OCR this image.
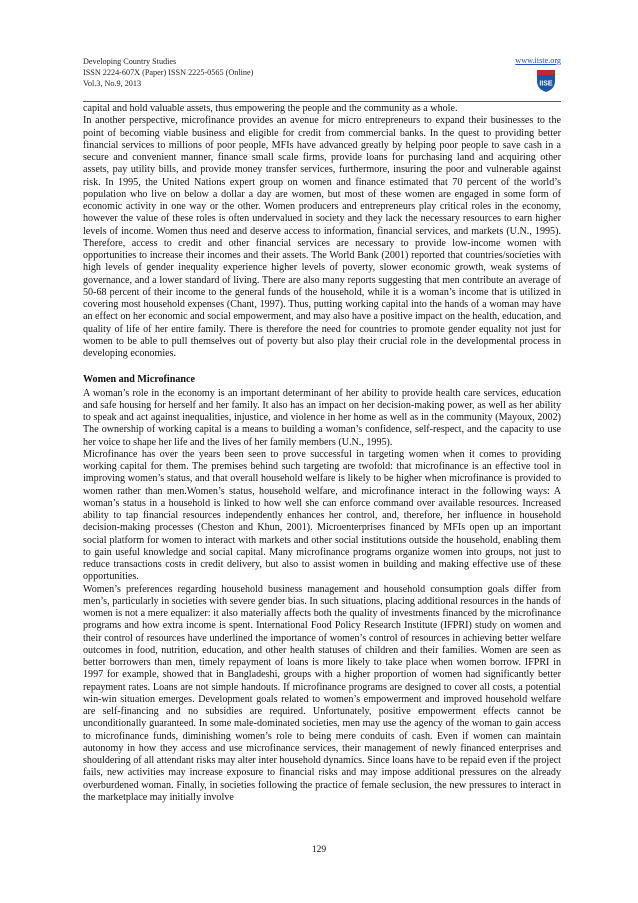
Developing Country Studies
ISSN 2224-607X (Paper) ISSN 2225-0565 (Online)
Vol.3, No.9, 2013
www.iiste.org
IISE

capital and hold valuable assets, thus empowering the people and the community as a whole.

In another perspective, microfinance provides an avenue for micro entrepreneurs to expand their businesses to the point of becoming viable business and eligible for credit from commercial banks. In the quest to providing better financial services to millions of poor people, MFIs have advanced greatly by helping poor people to save cash in a secure and convenient manner, finance small scale firms, provide loans for purchasing land and acquiring other assets, pay utility bills, and provide money transfer services, furthermore, insuring the poor and vulnerable against risk. In 1995, the United Nations expert group on women and finance estimated that 70 percent of the world’s population who live on below a dollar a day are women, but most of these women are engaged in some form of economic activity in one way or the other. Women producers and entrepreneurs play critical roles in the economy, however the value of these roles is often undervalued in society and they lack the necessary resources to earn higher levels of income. Women thus need and deserve access to information, financial services, and markets (U.N., 1995). Therefore, access to credit and other financial services are necessary to provide low-income women with opportunities to increase their incomes and their assets. The World Bank (2001) reported that countries/societies with high levels of gender inequality experience higher levels of poverty, slower economic growth, weak systems of governance, and a lower standard of living. There are also many reports suggesting that men contribute an average of 50-68 percent of their income to the general funds of the household, while it is a woman’s income that is utilized in covering most household expenses (Chant, 1997). Thus, putting working capital into the hands of a woman may have an effect on her economic and social empowerment, and may also have a positive impact on the health, education, and quality of life of her entire family. There is therefore the need for countries to promote gender equality not just for women to be able to pull themselves out of poverty but also play their crucial role in the developmental process in developing economies.

Women and Microfinance

A woman’s role in the economy is an important determinant of her ability to provide health care services, education and safe housing for herself and her family. It also has an impact on her decision-making power, as well as her ability to speak and act against inequalities, injustice, and violence in her home as well as in the community (Mayoux, 2002) The ownership of working capital is a means to building a woman’s confidence, self-respect, and the capacity to use her voice to shape her life and the lives of her family members (U.N., 1995).

Microfinance has over the years been seen to prove successful in targeting women when it comes to providing working capital for them. The premises behind such targeting are twofold: that microfinance is an effective tool in improving women’s status, and that overall household welfare is likely to be higher when microfinance is provided to women rather than men.Women’s status, household welfare, and microfinance interact in the following ways: A woman’s status in a household is linked to how well she can enforce command over available resources. Increased ability to tap financial resources independently enhances her control, and, therefore, her influence in household decision-making processes (Cheston and Khun, 2001). Microenterprises financed by MFIs open up an important social platform for women to interact with markets and other social institutions outside the household, enabling them to gain useful knowledge and social capital. Many microfinance programs organize women into groups, not just to reduce transactions costs in credit delivery, but also to assist women in building and making effective use of these opportunities.

Women’s preferences regarding household business management and household consumption goals differ from men’s, particularly in societies with severe gender bias. In such situations, placing additional resources in the hands of women is not a mere equalizer: it also materially affects both the quality of investments financed by the microfinance programs and how extra income is spent. International Food Policy Research Institute (IFPRI) study on women and their control of resources have underlined the importance of women’s control of resources in achieving better welfare outcomes in food, nutrition, education, and other health statuses of children and their families. Women are seen as better borrowers than men, timely repayment of loans is more likely to take place when women borrow. IFPRI in 1997 for example, showed that in Bangladeshi, groups with a higher proportion of women had significantly better repayment rates. Loans are not simple handouts. If microfinance programs are designed to cover all costs, a potential win-win situation emerges. Development goals related to women’s empowerment and improved household welfare are self-financing and no subsidies are required. Unfortunately, positive empowerment effects cannot be unconditionally guaranteed. In some male-dominated societies, men may use the agency of the woman to gain access to microfinance funds, diminishing women’s role to being mere conduits of cash. Even if women can maintain autonomy in how they access and use microfinance services, their management of newly financed enterprises and shouldering of all attendant risks may alter inter household dynamics. Since loans have to be repaid even if the project fails, new activities may increase exposure to financial risks and may impose additional pressures on the already overburdened woman. Finally, in societies following the practice of female seclusion, the new pressures to interact in the marketplace may initially involve

129
